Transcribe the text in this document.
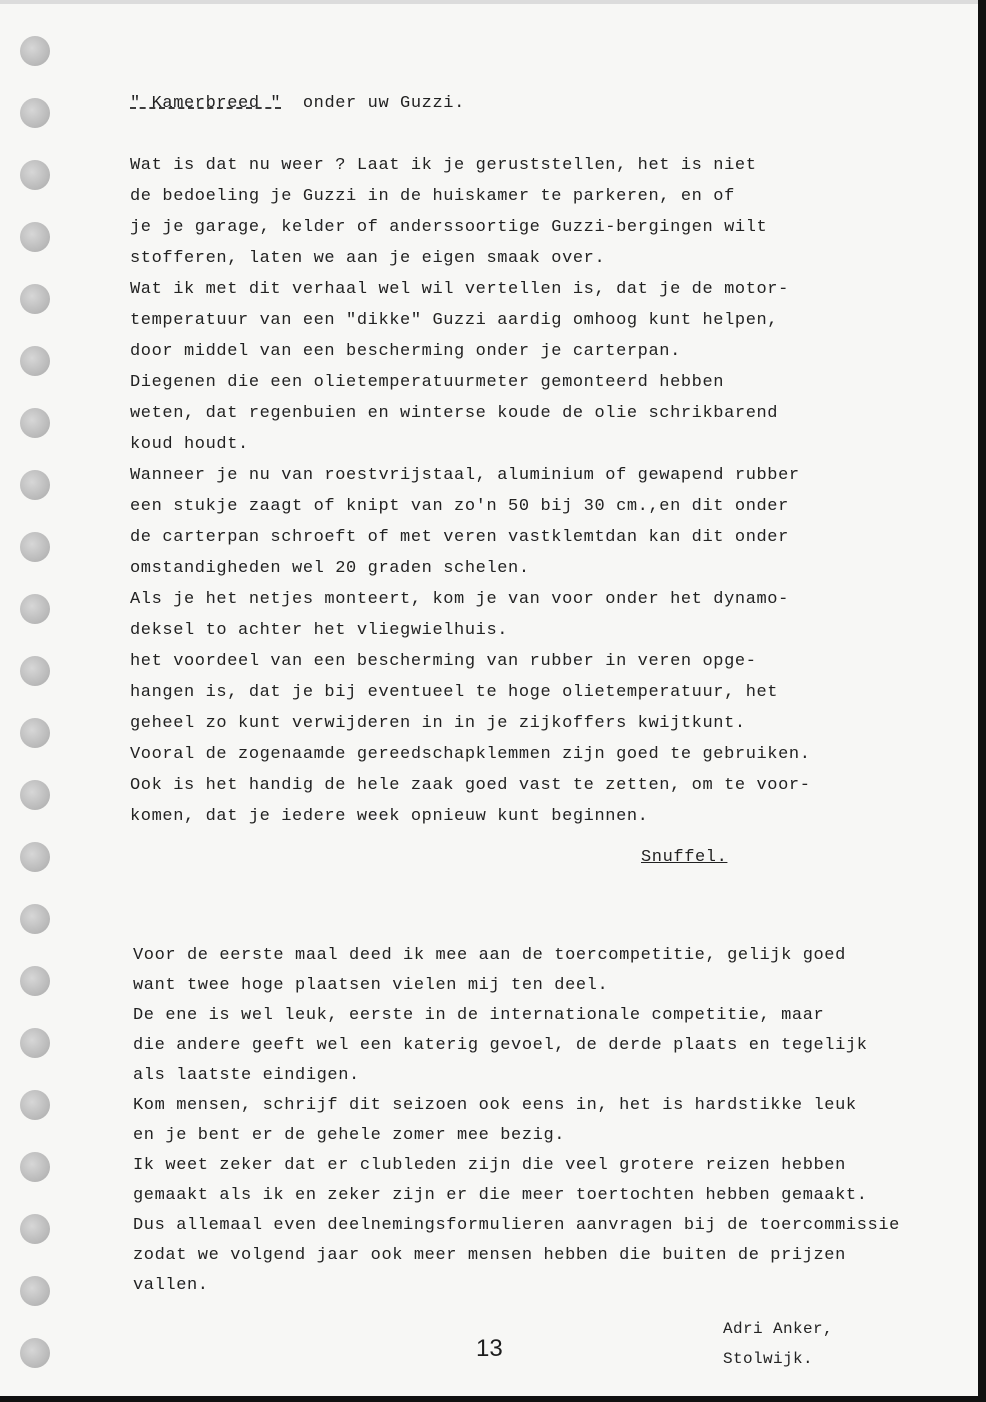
" Kamerbreed " onder uw Guzzi.
Wat is dat nu weer ? Laat ik je geruststellen, het is niet
de bedoeling je Guzzi in de huiskamer te parkeren, en of
je je garage, kelder of anderssoortige Guzzi-bergingen wilt
stofferen, laten we aan je eigen smaak over.
Wat ik met dit verhaal wel wil vertellen is, dat je de motor-
temperatuur van een "dikke" Guzzi aardig omhoog kunt helpen,
door middel van een bescherming onder je carterpan.
Diegenen die een olietemperatuurmeter gemonteerd hebben
weten, dat regenbuien en winterse koude de olie schrikbarend
koud houdt.
Wanneer je nu van roestvrijstaal, aluminium of gewapend rubber
een stukje zaagt of knipt van zo'n 50 bij 30 cm.,en dit onder
de carterpan schroeft of met veren vastklemtdan kan dit onder
omstandigheden wel 20 graden schelen.
Als je het netjes monteert, kom je van voor onder het dynamo-
deksel to achter het vliegwielhuis.
het voordeel van een bescherming van rubber in veren opge-
hangen is, dat je bij eventueel te hoge olietemperatuur, het
geheel zo kunt verwijderen in in je zijkoffers kwijtkunt.
Vooral de zogenaamde gereedschapklemmen zijn goed te gebruiken.
Ook is het handig de hele zaak goed vast te zetten, om te voor-
komen, dat je iedere week opnieuw kunt beginnen.
Snuffel.
Voor de eerste maal deed ik mee aan de toercompetitie, gelijk goed
want twee hoge plaatsen vielen mij ten deel.
De ene is wel leuk, eerste in de internationale competitie, maar
die andere geeft wel een katerig gevoel, de derde plaats en tegelijk
als laatste eindigen.
Kom mensen, schrijf dit seizoen ook eens in, het is hardstikke leuk
en je bent er de gehele zomer mee bezig.
Ik weet zeker dat er clubleden zijn die veel grotere reizen hebben
gemaakt als ik en zeker zijn er die meer toertochten hebben gemaakt.
Dus allemaal even deelnemingsformulieren aanvragen bij de toercommissie
zodat we volgend jaar ook meer mensen hebben die buiten de prijzen
vallen.
Adri Anker,
Stolwijk.
13
